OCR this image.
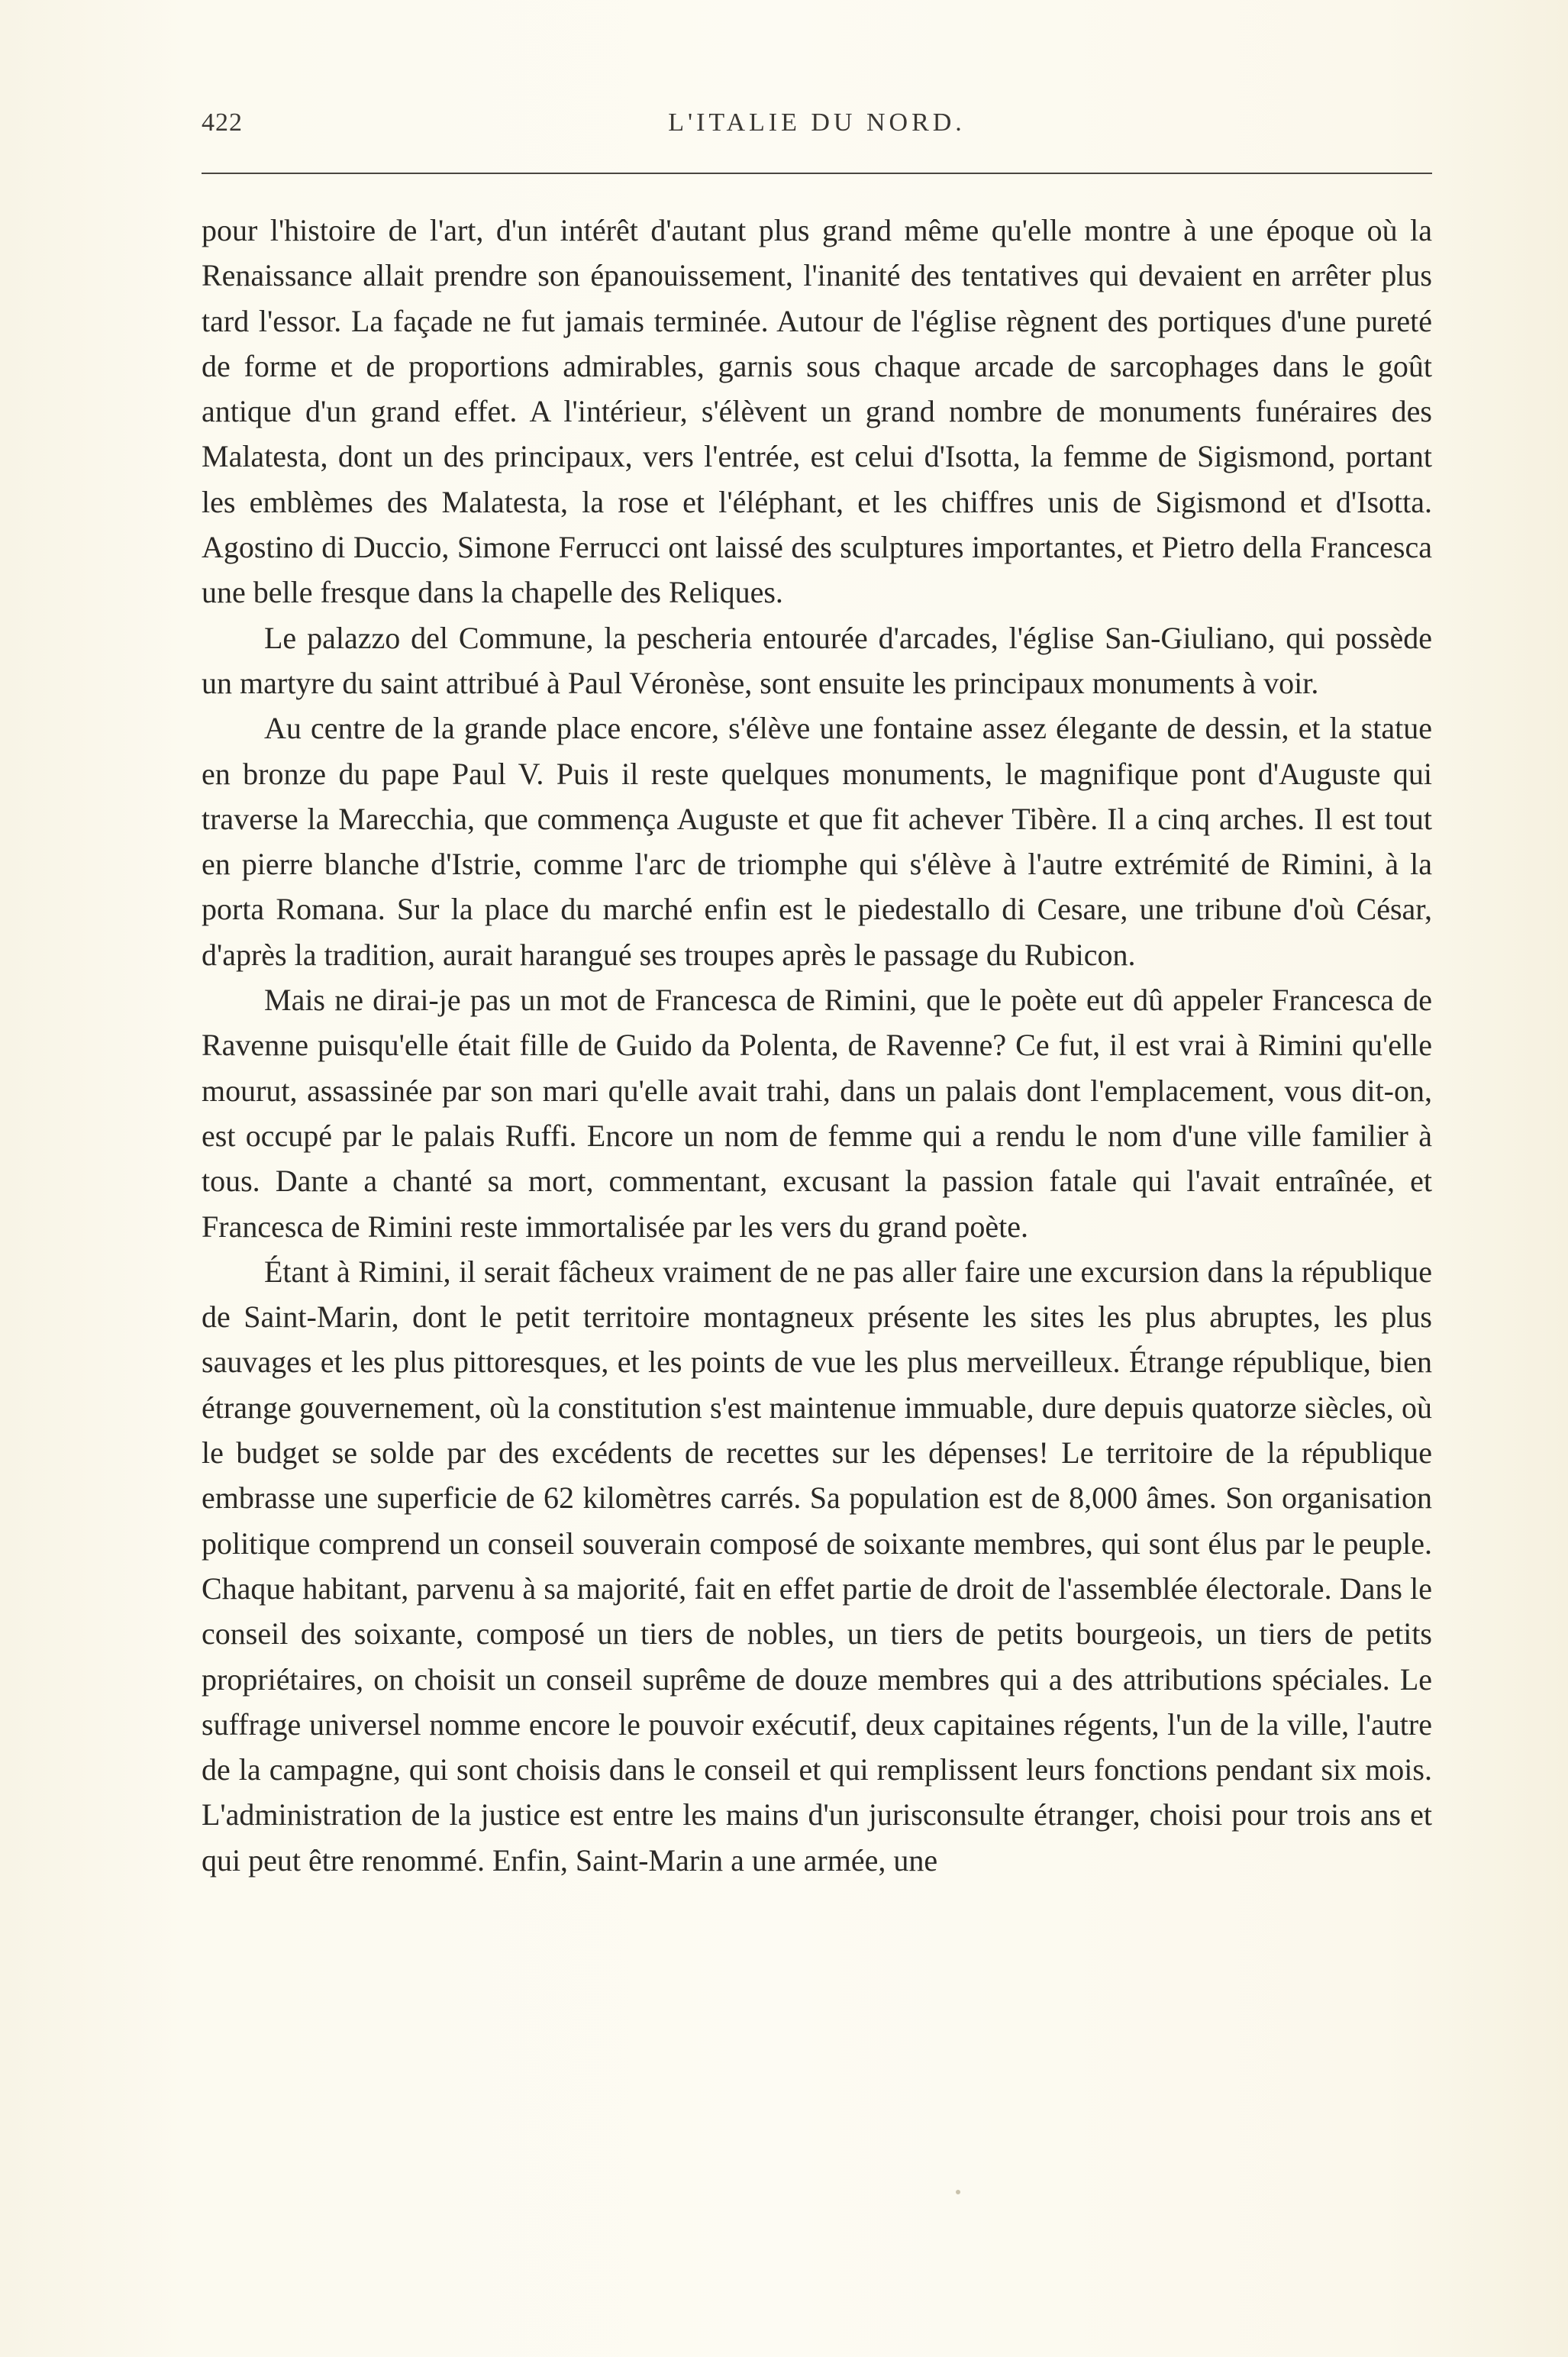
422	L'ITALIE DU NORD.

pour l'histoire de l'art, d'un intérêt d'autant plus grand même qu'elle montre à une époque où la Renaissance allait prendre son épanouissement, l'inanité des tentatives qui devaient en arrêter plus tard l'essor. La façade ne fut jamais terminée. Autour de l'église règnent des portiques d'une pureté de forme et de proportions admirables, garnis sous chaque arcade de sarcophages dans le goût antique d'un grand effet. A l'intérieur, s'élèvent un grand nombre de monuments funéraires des Malatesta, dont un des principaux, vers l'entrée, est celui d'Isotta, la femme de Sigismond, portant les emblèmes des Malatesta, la rose et l'éléphant, et les chiffres unis de Sigismond et d'Isotta. Agostino di Duccio, Simone Ferrucci ont laissé des sculptures importantes, et Pietro della Francesca une belle fresque dans la chapelle des Reliques.

Le palazzo del Commune, la pescheria entourée d'arcades, l'église San-Giuliano, qui possède un martyre du saint attribué à Paul Véronèse, sont ensuite les principaux monuments à voir.

Au centre de la grande place encore, s'élève une fontaine assez élegante de dessin, et la statue en bronze du pape Paul V. Puis il reste quelques monuments, le magnifique pont d'Auguste qui traverse la Marecchia, que commença Auguste et que fit achever Tibère. Il a cinq arches. Il est tout en pierre blanche d'Istrie, comme l'arc de triomphe qui s'élève à l'autre extrémité de Rimini, à la porta Romana. Sur la place du marché enfin est le piedestallo di Cesare, une tribune d'où César, d'après la tradition, aurait harangué ses troupes après le passage du Rubicon.

Mais ne dirai-je pas un mot de Francesca de Rimini, que le poète eut dû appeler Francesca de Ravenne puisqu'elle était fille de Guido da Polenta, de Ravenne? Ce fut, il est vrai à Rimini qu'elle mourut, assassinée par son mari qu'elle avait trahi, dans un palais dont l'emplacement, vous dit-on, est occupé par le palais Ruffi. Encore un nom de femme qui a rendu le nom d'une ville familier à tous. Dante a chanté sa mort, commentant, excusant la passion fatale qui l'avait entraînée, et Francesca de Rimini reste immortalisée par les vers du grand poète.

Étant à Rimini, il serait fâcheux vraiment de ne pas aller faire une excursion dans la république de Saint-Marin, dont le petit territoire montagneux présente les sites les plus abruptes, les plus sauvages et les plus pittoresques, et les points de vue les plus merveilleux. Étrange république, bien étrange gouvernement, où la constitution s'est maintenue immuable, dure depuis quatorze siècles, où le budget se solde par des excédents de recettes sur les dépenses! Le territoire de la république embrasse une superficie de 62 kilomètres carrés. Sa population est de 8,000 âmes. Son organisation politique comprend un conseil souverain composé de soixante membres, qui sont élus par le peuple. Chaque habitant, parvenu à sa majorité, fait en effet partie de droit de l'assemblée électorale. Dans le conseil des soixante, composé un tiers de nobles, un tiers de petits bourgeois, un tiers de petits propriétaires, on choisit un conseil suprême de douze membres qui a des attributions spéciales. Le suffrage universel nomme encore le pouvoir exécutif, deux capitaines régents, l'un de la ville, l'autre de la campagne, qui sont choisis dans le conseil et qui remplissent leurs fonctions pendant six mois. L'administration de la justice est entre les mains d'un jurisconsulte étranger, choisi pour trois ans et qui peut être renommé. Enfin, Saint-Marin a une armée, une
